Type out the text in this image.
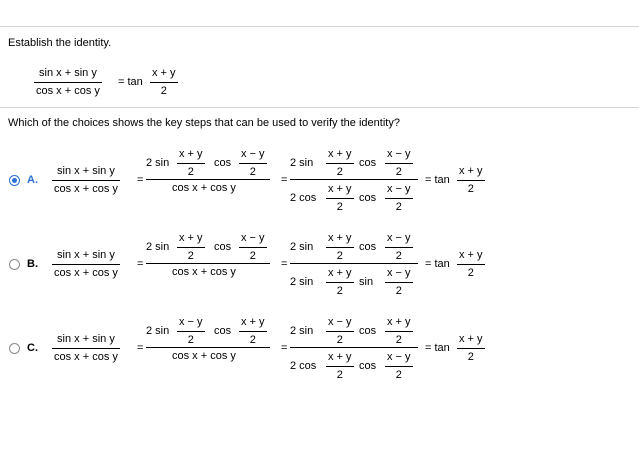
Establish the identity.
$\frac{\text{sin x + sin y}}{\text{cos x + cos y}} = \tan \frac{x + y}{2}$
Which of the choices shows the key steps that can be used to verify the identity?
A. $\frac{\text{sin x + sin y}}{\text{cos x + cos y}}$ =
2 $\sin \frac{x + y}{2}$ $\cos \frac{x - y}{2}$
cos x + cos y
=
2 $\sin \frac{x + y}{2}$ $\cos \frac{x - y}{2}$
2 $\cos \frac{x + y}{2}$ $\cos \frac{x - y}{2}$
= $\tan \frac{x + y}{2}$
B. $\frac{\text{sin x + sin y}}{\text{cos x + cos y}}$ =
2 $\sin \frac{x + y}{2}$ $\cos \frac{x - y}{2}$
cos x + cos y
=
2 $\sin \frac{x + y}{2}$ $\cos \frac{x - y}{2}$
2 $\sin \frac{x + y}{2}$ $\sin \frac{x - y}{2}$
= $\tan \frac{x + y}{2}$
C. $\frac{\text{sin x + sin y}}{\text{cos x + cos y}}$ =
2 $\sin \frac{x - y}{2}$ $\cos \frac{x + y}{2}$
cos x + cos y
=
2 $\sin \frac{x - y}{2}$ $\cos \frac{x + y}{2}$
2 $\cos \frac{x + y}{2}$ $\cos \frac{x - y}{2}$
= $\tan \frac{x + y}{2}$
